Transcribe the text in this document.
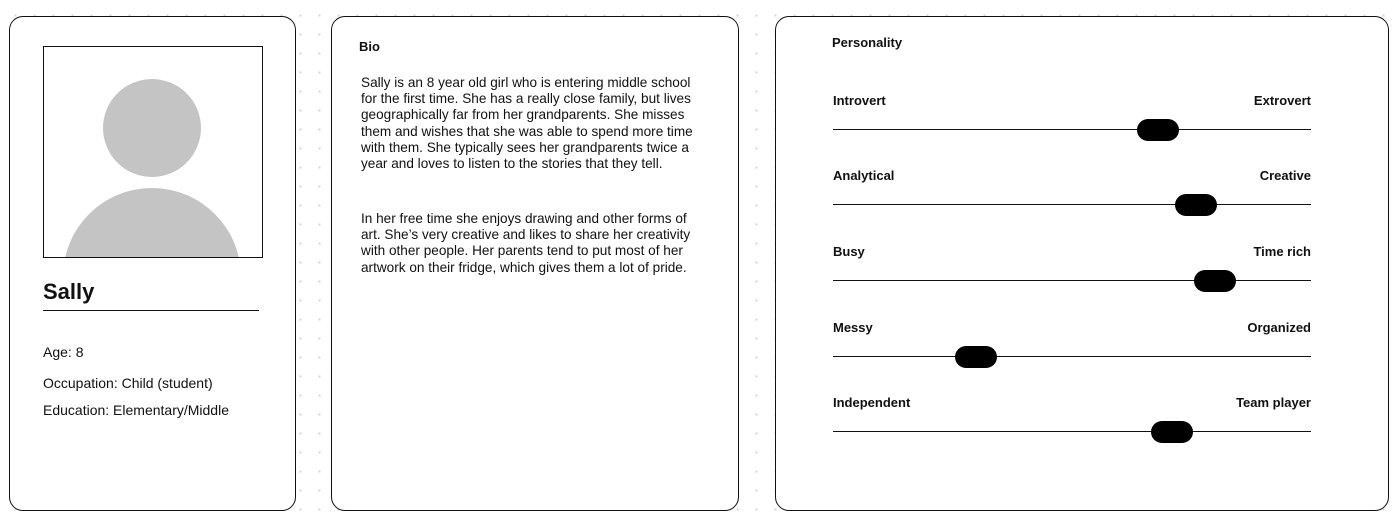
Sally
Age: 8
Occupation: Child (student)
Education: Elementary/Middle
Bio

Sally is an 8 year old girl who is entering middle school for the first time. She has a really close family, but lives geographically far from her grandparents. She misses them and wishes that she was able to spend more time with them. She typically sees her grandparents twice a year and loves to listen to the stories that they tell.

In her free time she enjoys drawing and other forms of art. She’s very creative and likes to share her creativity with other people. Her parents tend to put most of her artwork on their fridge, which gives them a lot of pride.

Personality
Introvert	Extrovert
Analytical	Creative
Busy	Time rich
Messy	Organized
Independent	Team player
